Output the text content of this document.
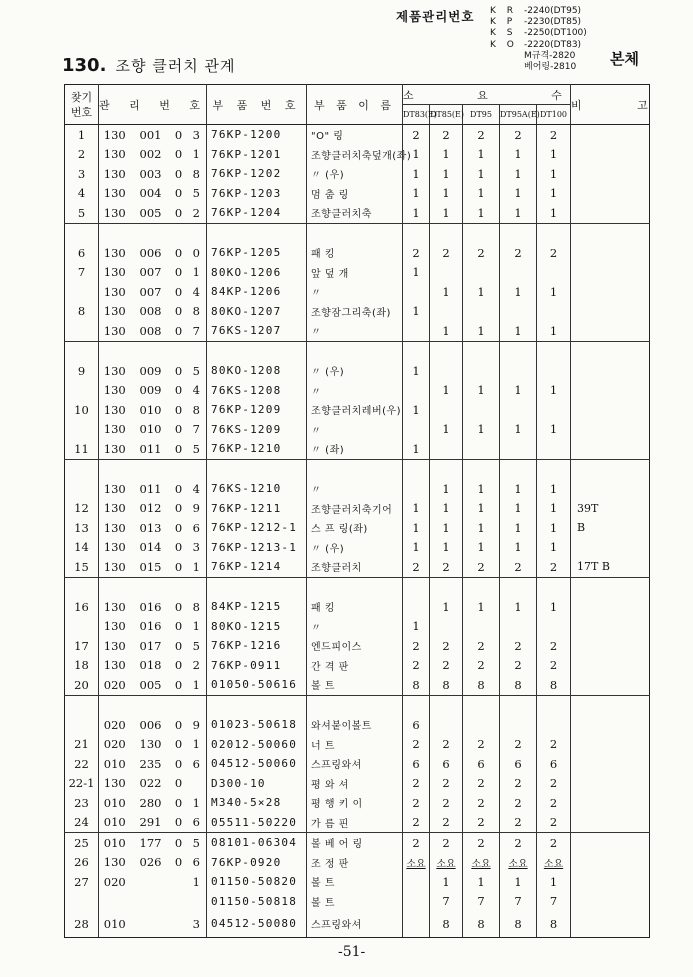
제품관리번호 K R -2240(DT95)
K P -2230(DT85)
K S -2250(DT100)
K O -2220(DT83)
M규격-2820
베어링-2810
130. 조향 클러치 관계	본체
찾기
번호	관 리 번 호				부 품 번 호	부 품 이 름	소 요 수					비 고
							DT83(E)	DT85(E)	DT95	DT95A(E)	DT100	
1	130	001	0	3	76KP-1200	"O" 링	2	2	2	2	2	
2	130	002	0	1	76KP-1201	조향클러치축덮개(좌)	1	1	1	1	1	
3	130	003	0	8	76KP-1202	〃 (우)	1	1	1	1	1	
4	130	004	0	5	76KP-1203	멈 춤 링	1	1	1	1	1	
5	130	005	0	2	76KP-1204	조향클러치축	1	1	1	1	1	

6	130	006	0	0	76KP-1205	패 킹	2	2	2	2	2	
7	130	007	0	1	80KO-1206	앞 덮 개	1					
	130	007	0	4	84KP-1206	〃		1	1	1	1	
8	130	008	0	8	80KO-1207	조향잠그리축(좌)	1					
	130	008	0	7	76KS-1207	〃		1	1	1	1	

9	130	009	0	5	80KO-1208	〃 (우)	1					
	130	009	0	4	76KS-1208	〃		1	1	1	1	
10	130	010	0	8	76KP-1209	조향클러치레버(우)	1					
	130	010	0	7	76KS-1209	〃		1	1	1	1	
11	130	011	0	5	76KP-1210	〃 (좌)	1					

	130	011	0	4	76KS-1210	〃		1	1	1	1	
12	130	012	0	9	76KP-1211	조향클러치축기어	1	1	1	1	1	39T
13	130	013	0	6	76KP-1212-1	스 프 링(좌)	1	1	1	1	1	B
14	130	014	0	3	76KP-1213-1	〃 (우)	1	1	1	1	1	
15	130	015	0	1	76KP-1214	조향클러치	2	2	2	2	2	17T B

16	130	016	0	8	84KP-1215	패 킹		1	1	1	1	
	130	016	0	1	80KO-1215	〃	1					
17	130	017	0	5	76KP-1216	엔드피이스	2	2	2	2	2	
18	130	018	0	2	76KP-0911	간 격 판	2	2	2	2	2	
20	020	005	0	1	01050-50616	볼 트	8	8	8	8	8	

	020	006	0	9	01023-50618	와셔붙이볼트	6					
21	020	130	0	1	02012-50060	너 트	2	2	2	2	2	
22	010	235	0	6	04512-50060	스프링와셔	6	6	6	6	6	
22-1	130	022	0		D300-10	평 와 셔	2	2	2	2	2	
23	010	280	0	1	M340-5×28	평 행 키 이	2	2	2	2	2	
24	010	291	0	6	05511-50220	가 름 핀	2	2	2	2	2	
25	010	177	0	5	08101-06304	볼 베 어 링	2	2	2	2	2	
26	130	026	0	6	76KP-0920	조 정 판	소요	소요	소요	소요	소요	
27	020			1	01150-50820	볼 트		1	1	1	1	
					01150-50818	볼 트		7	7	7	7	
28	010			3	04512-50080	스프링와셔		8	8	8	8	
-51-
